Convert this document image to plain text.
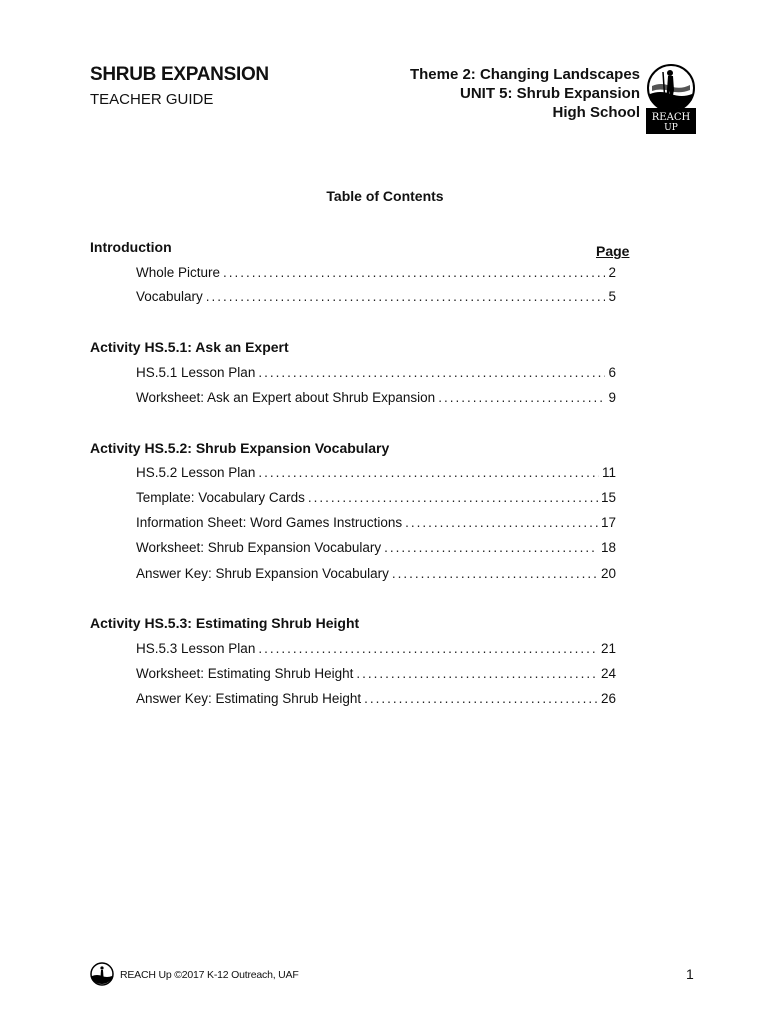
SHRUB EXPANSION
TEACHER GUIDE
Theme 2: Changing Landscapes
UNIT 5: Shrub Expansion
High School REACH
UP
Table of Contents
Introduction	Page
Whole Picture .....	2
Vocabulary .....	5
Activity HS.5.1: Ask an Expert
HS.5.1 Lesson Plan .....	6
Worksheet: Ask an Expert about Shrub Expansion .....	9
Activity HS.5.2: Shrub Expansion Vocabulary
HS.5.2 Lesson Plan .....	11
Template: Vocabulary Cards .....	15
Information Sheet: Word Games Instructions .....	17
Worksheet: Shrub Expansion Vocabulary .....	18
Answer Key: Shrub Expansion Vocabulary .....	20
Activity HS.5.3: Estimating Shrub Height
HS.5.3 Lesson Plan .....	21
Worksheet: Estimating Shrub Height .....	24
Answer Key: Estimating Shrub Height .....	26
REACH Up ©2017 K-12 Outreach, UAF	1
